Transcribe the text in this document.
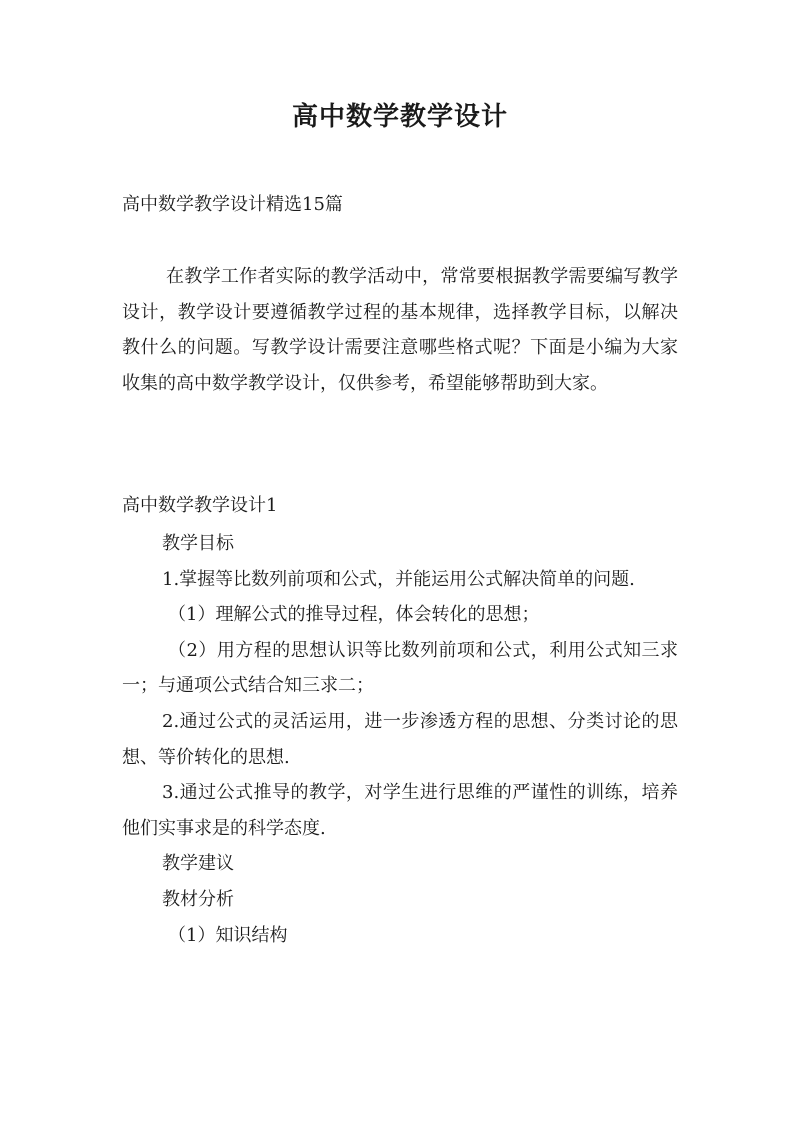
高中数学教学设计

高中数学教学设计精选15篇

在教学工作者实际的教学活动中，常常要根据教学需要编写教学设计，教学设计要遵循教学过程的基本规律，选择教学目标，以解决教什么的问题。写教学设计需要注意哪些格式呢？下面是小编为大家收集的高中数学教学设计，仅供参考，希望能够帮助到大家。

高中数学教学设计1

教学目标

1.掌握等比数列前项和公式，并能运用公式解决简单的问题.

（1）理解公式的推导过程，体会转化的思想；

（2）用方程的思想认识等比数列前项和公式，利用公式知三求一；与通项公式结合知三求二；

2.通过公式的灵活运用，进一步渗透方程的思想、分类讨论的思想、等价转化的思想.

3.通过公式推导的教学，对学生进行思维的严谨性的训练，培养他们实事求是的科学态度.

教学建议

教材分析

（1）知识结构
